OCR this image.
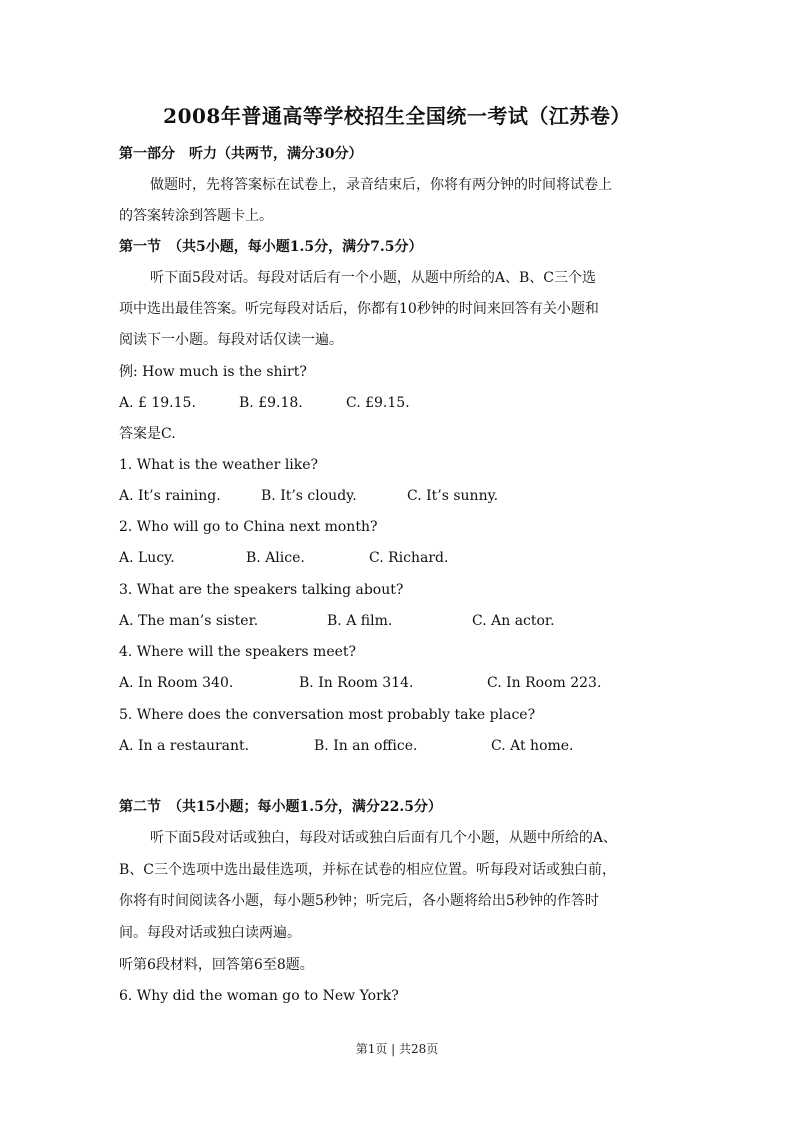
2008年普通高等学校招生全国统一考试（江苏卷）
第一部分　听力（共两节，满分30分）
做题时，先将答案标在试卷上，录音结束后，你将有两分钟的时间将试卷上
的答案转涂到答题卡上。
第一节　（共5小题，每小题1.5分，满分7.5分）
听下面5段对话。每段对话后有一个小题，从题中所给的A、B、C三个选
项中选出最佳答案。听完每段对话后，你都有10秒钟的时间来回答有关小题和
阅读下一小题。每段对话仅读一遍。
例: How much is the shirt?
A. £ 19.15.	B. £9.18.	C. £9.15.
答案是C.
1. What is the weather like?
A. It’s raining.	B. It’s cloudy.	C. It’s sunny.
2. Who will go to China next month?
A. Lucy.	B. Alice.	C. Richard.
3. What are the speakers talking about?
A. The man’s sister.	B. A film.	C. An actor.
4. Where will the speakers meet?
A. In Room 340.	B. In Room 314.	C. In Room 223.
5. Where does the conversation most probably take place?
A. In a restaurant.	B. In an office.	C. At home.
第二节　（共15小题；每小题1.5分，满分22.5分）
听下面5段对话或独白，每段对话或独白后面有几个小题，从题中所给的A、
B、C三个选项中选出最佳选项，并标在试卷的相应位置。听每段对话或独白前，
你将有时间阅读各小题，每小题5秒钟；听完后，各小题将给出5秒钟的作答时
间。每段对话或独白读两遍。
听第6段材料，回答第6至8题。
6. Why did the woman go to New York?
第1页 | 共28页
